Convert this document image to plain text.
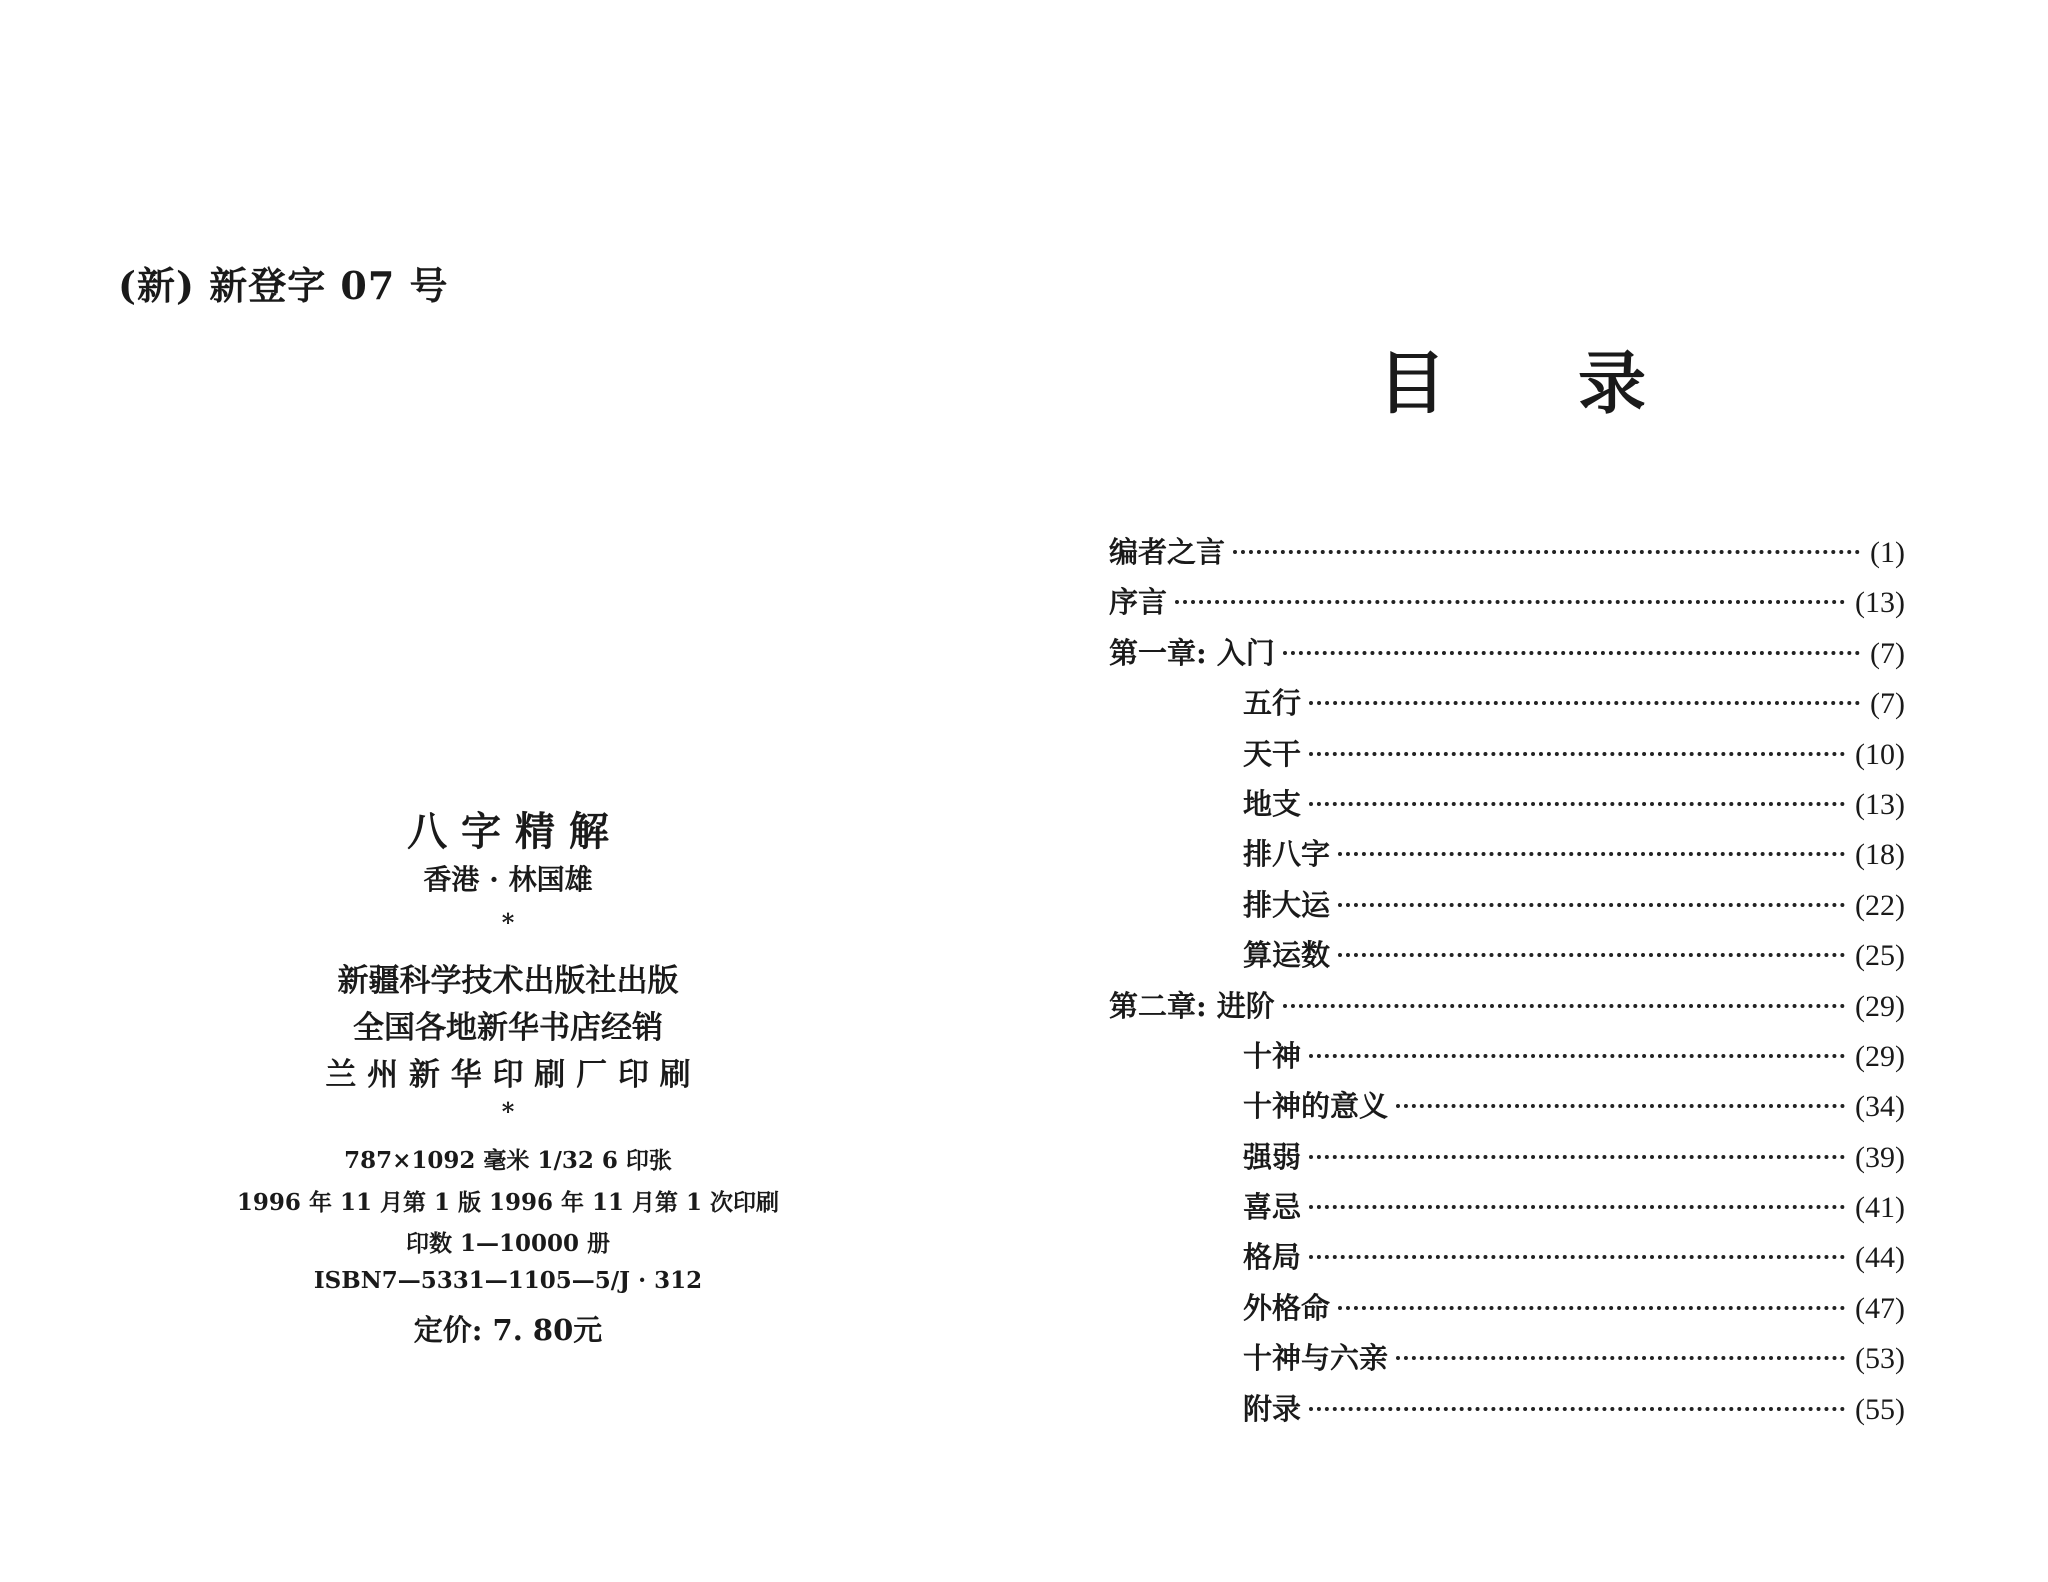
(新) 新登字 07 号
八 字 精 解
香港 · 林国雄
*
新疆科学技术出版社出版
全国各地新华书店经销
兰 州 新 华 印 刷 厂 印 刷
*
787×1092 毫米 1/32 6 印张
1996 年 11 月第 1 版 1996 年 11 月第 1 次印刷
印数 1—10000 册
ISBN7—5331—1105—5/J · 312
定价: 7. 80元
目 录
编者之言	(1)
序言	(13)
第一章: 入门	(7)
五行	(7)
天干	(10)
地支	(13)
排八字	(18)
排大运	(22)
算运数	(25)
第二章: 进阶	(29)
十神	(29)
十神的意义	(34)
强弱	(39)
喜忌	(41)
格局	(44)
外格命	(47)
十神与六亲	(53)
附录	(55)
